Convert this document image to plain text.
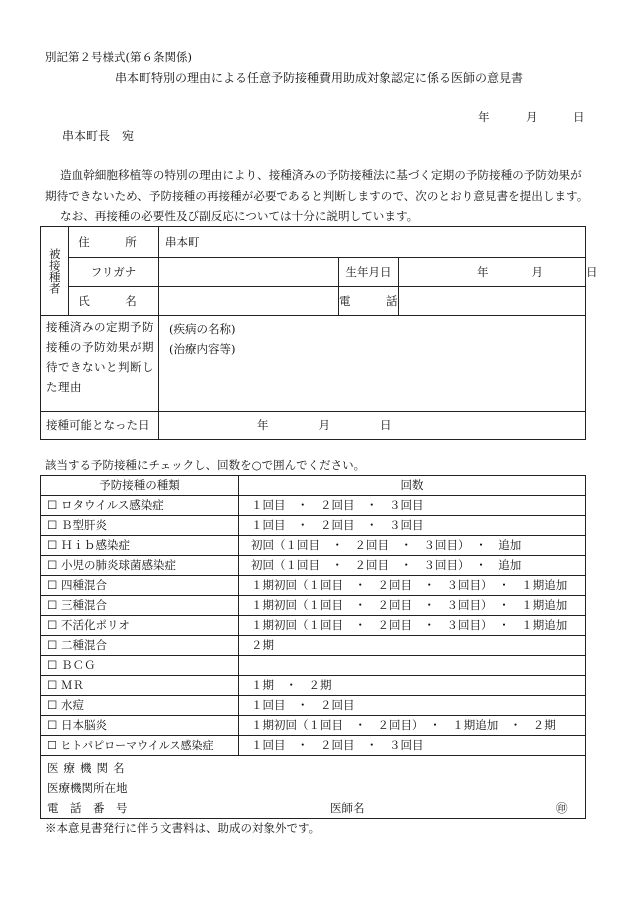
別記第２号様式(第６条関係)
串本町特別の理由による任意予防接種費用助成対象認定に係る医師の意見書
年	月	日
串本町長　宛
造血幹細胞移植等の特別の理由により、接種済みの予防接種法に基づく定期の予防接種の予防効果が
期待できないため、予防接種の再接種が必要であると判断しますので、次のとおり意見書を提出します。
なお、再接種の必要性及び副反応については十分に説明しています。
被接種者	住　所	串本町		
	フリガナ		生年月日	年 月 日
	氏　名		電　話	
接種済みの定期予防接種の予防効果が期待できないと判断した理由		(疾病の名称)
(治療内容等)		

接種可能となった日		年 月 日		
該当する予防接種にチェックし、回数を○で囲んでください。
予防接種の種類	回数
☐ ロタウイルス感染症	１回目　・　２回目　・　３回目
☐ Ｂ型肝炎	１回目　・　２回目　・　３回目
☐ Ｈｉｂ感染症	初回（１回目　・　２回目　・　３回目）　・　追加
☐ 小児の肺炎球菌感染症	初回（１回目　・　２回目　・　３回目）　・　追加
☐ 四種混合	１期初回（１回目　・　２回目　・　３回目）　・　１期追加
☐ 三種混合	１期初回（１回目　・　２回目　・　３回目）　・　１期追加
☐ 不活化ポリオ	１期初回（１回目　・　２回目　・　３回目）　・　１期追加
☐ 二種混合	２期
☐ ＢＣＧ	
☐ ＭＲ	１期　・　２期
☐ 水痘	１回目　・　２回目
☐ 日本脳炎	１期初回（１回目　・　２回目）　・　１期追加　・　２期
☐ ヒトパピローマウイルス感染症	１回目　・　２回目　・　３回目

医療機関名
医療機関所在地
電　話　番　号 医師名 ㊞	
※本意見書発行に伴う文書料は、助成の対象外です。
